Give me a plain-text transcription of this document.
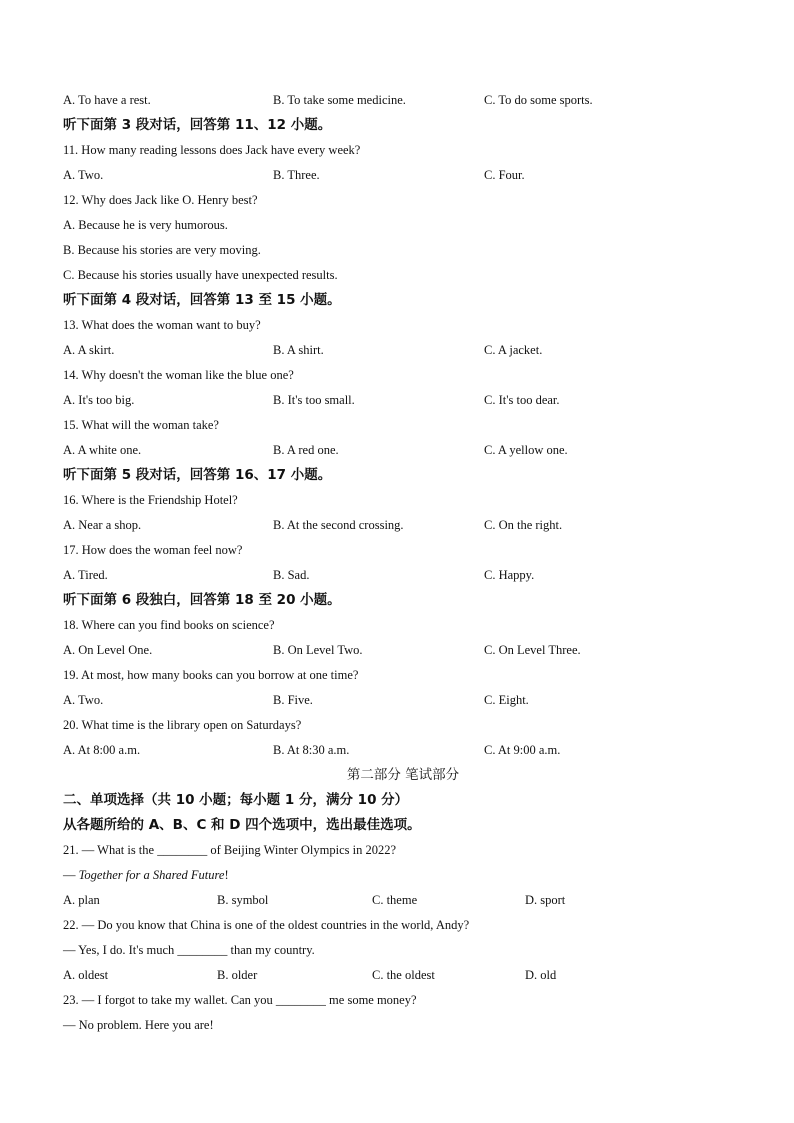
A. To have a rest.	B. To take some medicine.	C. To do some sports.
听下面第 3 段对话，回答第 11、12 小题。
11. How many reading lessons does Jack have every week?
A. Two.	B. Three.	C. Four.
12. Why does Jack like O. Henry best?
A. Because he is very humorous.
B. Because his stories are very moving.
C. Because his stories usually have unexpected results.
听下面第 4 段对话，回答第 13 至 15 小题。
13. What does the woman want to buy?
A. A skirt.	B. A shirt.	C. A jacket.
14. Why doesn't the woman like the blue one?
A. It's too big.	B. It's too small.	C. It's too dear.
15. What will the woman take?
A. A white one.	B. A red one.	C. A yellow one.
听下面第 5 段对话，回答第 16、17 小题。
16. Where is the Friendship Hotel?
A. Near a shop.	B. At the second crossing.	C. On the right.
17. How does the woman feel now?
A. Tired.	B. Sad.	C. Happy.
听下面第 6 段独白，回答第 18 至 20 小题。
18. Where can you find books on science?
A. On Level One.	B. On Level Two.	C. On Level Three.
19. At most, how many books can you borrow at one time?
A. Two.	B. Five.	C. Eight.
20. What time is the library open on Saturdays?
A. At 8:00 a.m.	B. At 8:30 a.m.	C. At 9:00 a.m.
第二部分 笔试部分
二、单项选择（共 10 小题；每小题 1 分，满分 10 分）
从各题所给的 A、B、C 和 D 四个选项中，选出最佳选项。
21. — What is the ________ of Beijing Winter Olympics in 2022?
— Together for a Shared Future!
A. plan	B. symbol	C. theme	D. sport
22. — Do you know that China is one of the oldest countries in the world, Andy?
— Yes, I do. It's much ________ than my country.
A. oldest	B. older	C. the oldest	D. old
23. — I forgot to take my wallet. Can you ________ me some money?
— No problem. Here you are!
